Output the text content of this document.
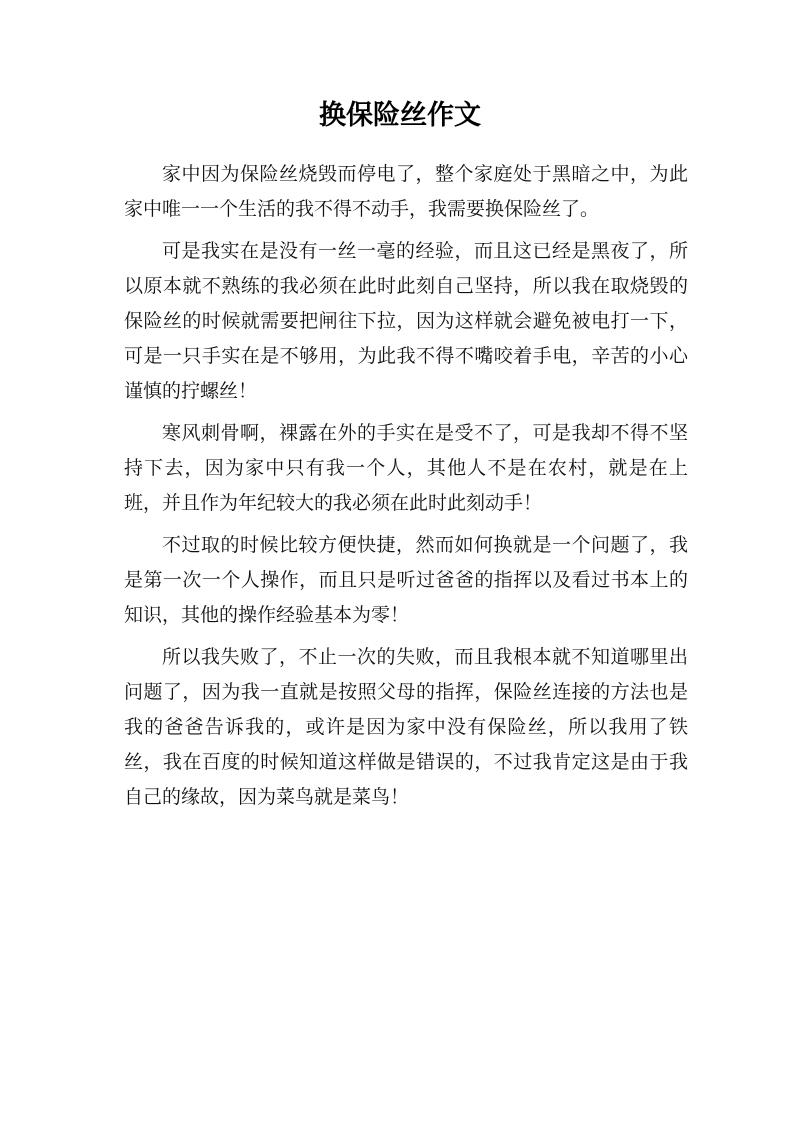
换保险丝作文

家中因为保险丝烧毁而停电了，整个家庭处于黑暗之中，为此家中唯一一个生活的我不得不动手，我需要换保险丝了。

可是我实在是没有一丝一毫的经验，而且这已经是黑夜了，所以原本就不熟练的我必须在此时此刻自己坚持，所以我在取烧毁的保险丝的时候就需要把闸往下拉，因为这样就会避免被电打一下，可是一只手实在是不够用，为此我不得不嘴咬着手电，辛苦的小心谨慎的拧螺丝！

寒风刺骨啊，裸露在外的手实在是受不了，可是我却不得不坚持下去，因为家中只有我一个人，其他人不是在农村，就是在上班，并且作为年纪较大的我必须在此时此刻动手！

不过取的时候比较方便快捷，然而如何换就是一个问题了，我是第一次一个人操作，而且只是听过爸爸的指挥以及看过书本上的知识，其他的操作经验基本为零！

所以我失败了，不止一次的失败，而且我根本就不知道哪里出问题了，因为我一直就是按照父母的指挥，保险丝连接的方法也是我的爸爸告诉我的，或许是因为家中没有保险丝，所以我用了铁丝，我在百度的时候知道这样做是错误的，不过我肯定这是由于我自己的缘故，因为菜鸟就是菜鸟！
